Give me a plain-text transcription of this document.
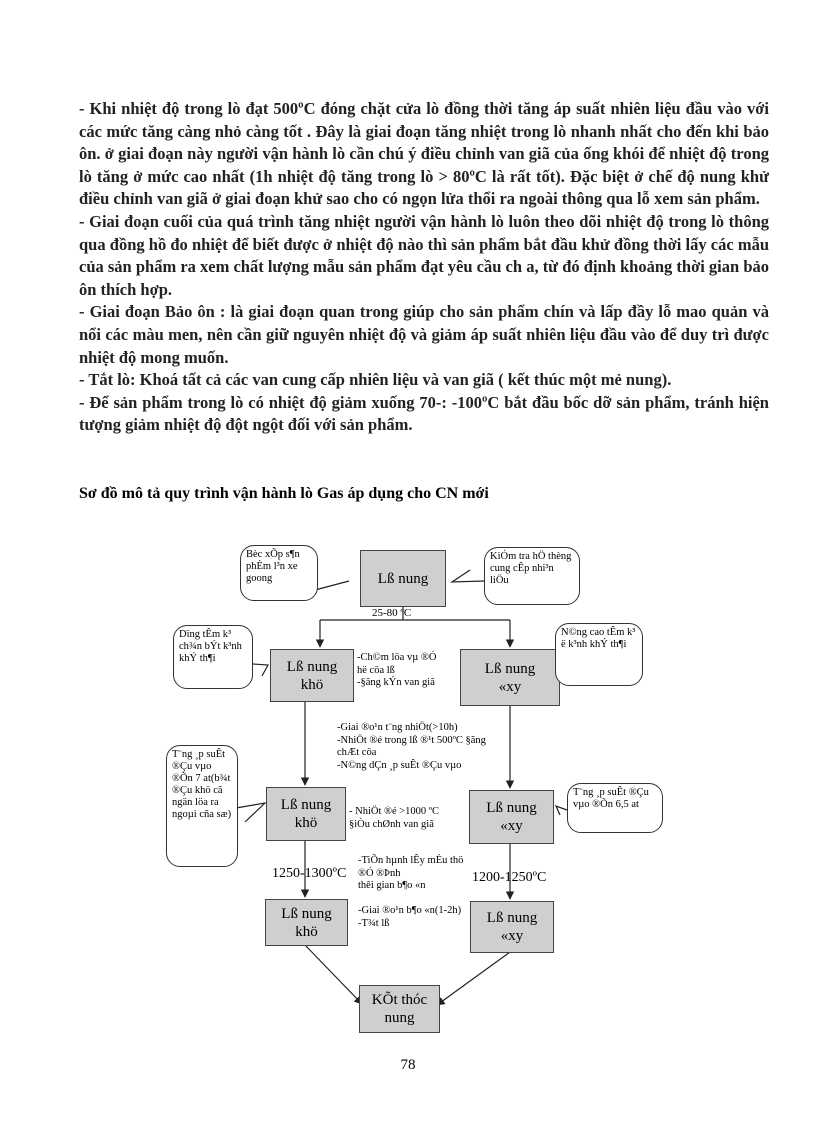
- Khi nhiệt độ trong lò đạt 500ºC đóng chặt cửa lò đồng thời tăng áp suất nhiên liệu đầu vào với các mức tăng càng nhỏ càng tốt . Đây là giai đoạn tăng nhiệt trong lò nhanh nhất cho đến khi bảo ôn. ở giai đoạn này người vận hành lò cần chú ý điều chỉnh van giã của ống khói để nhiệt độ trong lò tăng ở mức cao nhất (1h nhiệt độ tăng trong lò > 80ºC là rất tốt). Đặc biệt ở chế độ nung khử điều chỉnh van giã ở giai đoạn khử sao cho có ngọn lửa thổi ra ngoài thông qua lỗ xem sản phẩm.

- Giai đoạn cuối của quá trình tăng nhiệt người vận hành lò luôn theo dõi nhiệt độ trong lò thông qua đồng hồ đo nhiệt để biết được ở nhiệt độ nào thì sản phẩm bắt đầu khử đồng thời lấy các mẫu của sản phẩm ra xem chất lượng mẫu sản phẩm đạt yêu cầu ch a, từ đó định khoảng thời gian bảo ôn thích hợp.

- Giai đoạn Bảo ôn : là giai đoạn quan trong giúp cho sản phẩm chín và lấp đầy lỗ mao quản và nổi các màu men, nên cần giữ nguyên nhiệt độ và giảm áp suất nhiên liệu đầu vào để duy trì được nhiệt độ mong muốn.

- Tắt lò: Khoá tất cả các van cung cấp nhiên liệu và van giã ( kết thúc một mẻ nung).

- Để sản phẩm trong lò có nhiệt độ giảm xuống 70-: -100ºC bắt đầu bốc dỡ sản phẩm, tránh hiện tượng giảm nhiệt độ đột ngột đối với sản phẩm.

Sơ đồ mô tả quy trình vận hành lò Gas áp dụng cho CN mới
Bèc xÕp s¶n phÈm l³n xe goong	Lß nung
KiÓm tra hÖ thèng cung cÊp nhi³n liÖu
25-80 ºC
Dïng tÊm k³ ch¾n bÝt k³nh khÝ th¶i	Lß nung
khö
-Ch©m löa vµ ®Ó hë cöa lß
-§ãng kÝn van giã
Lß nung
«xy
N©ng cao tÊm k³ ë k³nh khÝ th¶i
-Giai ®o¹n t¨ng nhiÖt(>10h)
-NhiÖt ®é trong lß ®¹t 500ºC §ãng chÆt cöa
-N©ng dÇn ¸p suÊt ®Çu vµo
T¨ng ¸p suÊt ®Çu vµo ®Õn 7 at(b¾t ®Çu khö cã ngän löa ra ngoµi cña sæ)
Lß nung
khö
- NhiÖt ®é >1000 ºC
§iÒu chØnh van giã
Lß nung
«xy
T¨ng ¸p suÊt ®Çu vµo ®Õn 6,5 at
1250-1300ºC	1200-1250ºC
-TiÕn hµnh lÊy mÉu thö ®Ó ®Þnh
thêi gian b¶o «n

-Giai ®o¹n b¶o «n(1-2h)
-T¾t lß
Lß nung
khö
Lß nung
«xy
KÕt thóc
nung
78
